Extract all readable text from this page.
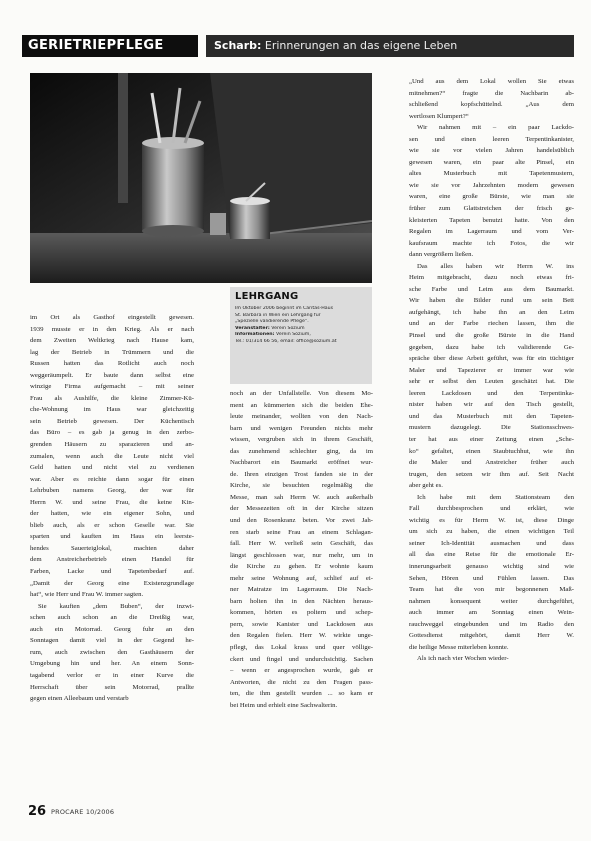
GERIETRIEPFLEGE	Scharb: Erinnerungen an das eigene Leben
LEHRGANG

Im Oktober 2006 beginnt im Caritas-Haus

St. Barbara in Wien ein Lehrgang für

„Spezielle validierende Pflege“.

Veranstalter: Verein Sozium

Informationen: Verein Sozium,

Tel.: 01/314 66 56, email: office@sozium.at

im Ort als Gasthof eingestellt gewesen.
1939 musste er in den Krieg. Als er nach
dem Zweiten Weltkrieg nach Hause kam,
lag der Betrieb in Trümmern und die
Russen hatten das Rotlicht auch noch
weggeräumpelt. Er baute dann selbst eine
winzige Firma aufgemacht – mit seiner
Frau als Aushilfe, die kleine Zimmer-Kü-
che-Wohnung im Haus war gleichzeitig
sein Betrieb gewesen. Der Küchentisch
das Büro – es gab ja genug in den zerbo-
grenden Häusern zu sparazieren und an-
zumalen, wenn auch die Leute nicht viel
Geld hatten und nicht viel zu verdienen
war. Aber es reichte dann sogar für einen
Lehrbuben namens Georg, der war für
Herrn W. und seine Frau, die keine Kin-
der hatten, wie ein eigener Sohn, und
blieb auch, als er schon Geselle war. Sie
sparten und kauften im Haus ein leerste-
hendes Sauerteiglokal, machten daher
dem Anstreicherbetrieb einen Handel für
Farben, Lacke und Tapetenbedarf auf.
„Damit der Georg eine Existenzgrundlage
hat“, wie Herr und Frau W. immer sagten.

Sie kauften „dem Buben“, der inzwi-
schen auch schon an die Dreißig war,
auch ein Motorrad. Georg fuhr an den
Sonntagen damit viel in der Gegend he-
rum, auch zwischen den Gasthäusern der
Umgebung hin und her. An einem Sonn-
tagabend verlor er in einer Kurve die
Herrschaft über sein Motorrad, prallte
gegen einen Alleebaum und verstarb

noch an der Unfallstelle. Von diesem Mo-
ment an kümmerten sich die beiden Ehe-
leute meinander, wollten von den Nach-
barn und wenigen Freunden nichts mehr
wissen, vergruben sich in ihrem Geschäft,
das zunehmend schlechter ging, da im
Nachbarort ein Baumarkt eröffnet wur-
de. Ihren einzigen Trost fanden sie in der
Kirche, sie besuchten regelmäßig die
Messe, man sah Herrn W. auch außerhalb
der Messezeiten oft in der Kirche sitzen
und den Rosenkranz beten. Vor zwei Jah-
ren starb seine Frau an einem Schlagan-
fall. Herr W. verließ sein Geschäft, das
längst geschlossen war, nur mehr, um in
die Kirche zu gehen. Er wohnte kaum
mehr seine Wohnung auf, schlief auf ei-
ner Matratze im Lagerraum. Die Nach-
barn holten ihn in den Nächten heraus-
kommen, hörten es poltern und schep-
pern, sowie Kanister und Lackdosen aus
den Regalen fielen. Herr W. wirkte unge-
pflegt, das Lokal krass und quer völlige-
ckert und fingel und undurchsichtig. Sachen
– wenn er angesprochen wurde, gab er
Antworten, die nicht zu den Fragen pass-
ten, die ihm gestellt wurden ... so kam er
bei Heim und erhielt eine Sachwalterin.

„Und aus dem Lokal wollen Sie etwas
mitnehmen?“ fragte die Nachbarin ab-
schließend kopfschüttelnd. „Aus dem
wertlosen Klumpert?“

Wir nahmen mit – ein paar Lackdo-
sen und einen leeren Terpentinkanister,
wie sie vor vielen Jahren handelsüblich
gewesen waren, ein paar alte Pinsel, ein
altes Musterbuch mit Tapetenmustern,
wie sie vor Jahrzehnten modern gewesen
waren, eine große Bürste, wie man sie
früher zum Glattstreichen der frisch ge-
kleisterten Tapeten benutzt hatte. Von den
Regalen im Lagerraum und vom Ver-
kaufsraum machte ich Fotos, die wir
dann vergrößern ließen.

Das alles haben wir Herrn W. ins
Heim mitgebracht, dazu noch etwas fri-
sche Farbe und Leim aus dem Baumarkt.
Wir haben die Bilder rund um sein Bett
aufgehängt, ich habe ihn an den Leim
und an der Farbe riechen lassen, ihm die
Pinsel und die große Bürste in die Hand
gegeben, dazu habe ich validierende Ge-
spräche über diese Arbeit geführt, was für ein tüchtiger
Maler und Tapezierer er immer war wie
sehr er selbst den Leuten geschätzt hat. Die
leeren Lackdosen und den Terpentinka-
nister haben wir auf den Tisch gestellt,
und das Musterbuch mit den Tapeten-
mustern dazugelegt. Die Stationsschwes-
ter hat aus einer Zeitung einen „Sche-
ko“ gefaltet, einen Staubtuchhut, wie ihn
die Maler und Anstreicher früher auch
trugen, den setzen wir ihm auf. Seit Nacht
aber geht es.

Ich habe mit dem Stationsteam den
Fall durchbesprochen und erklärt, wie
wichtig es für Herrn W. ist, diese Dinge
um sich zu haben, die einen wichtigen Teil
seiner Ich-Identität ausmachen und dass
all das eine Reise für die emotionale Er-
innerungsarbeit genauso wichtig sind wie
Sehen, Hören und Fühlen lassen. Das
Team hat die von mir begonnenen Maß-
nahmen konsequent weiter durchgeführt,
auch immer am Sonntag einen Wein-
rauchweggel eingebunden und im Radio den
Gottesdienst mitgehört, damit Herr W.
die heilige Messe miterleben konnte.

Als ich nach vier Wochen wieder-

26 PROCARE 10/2006
